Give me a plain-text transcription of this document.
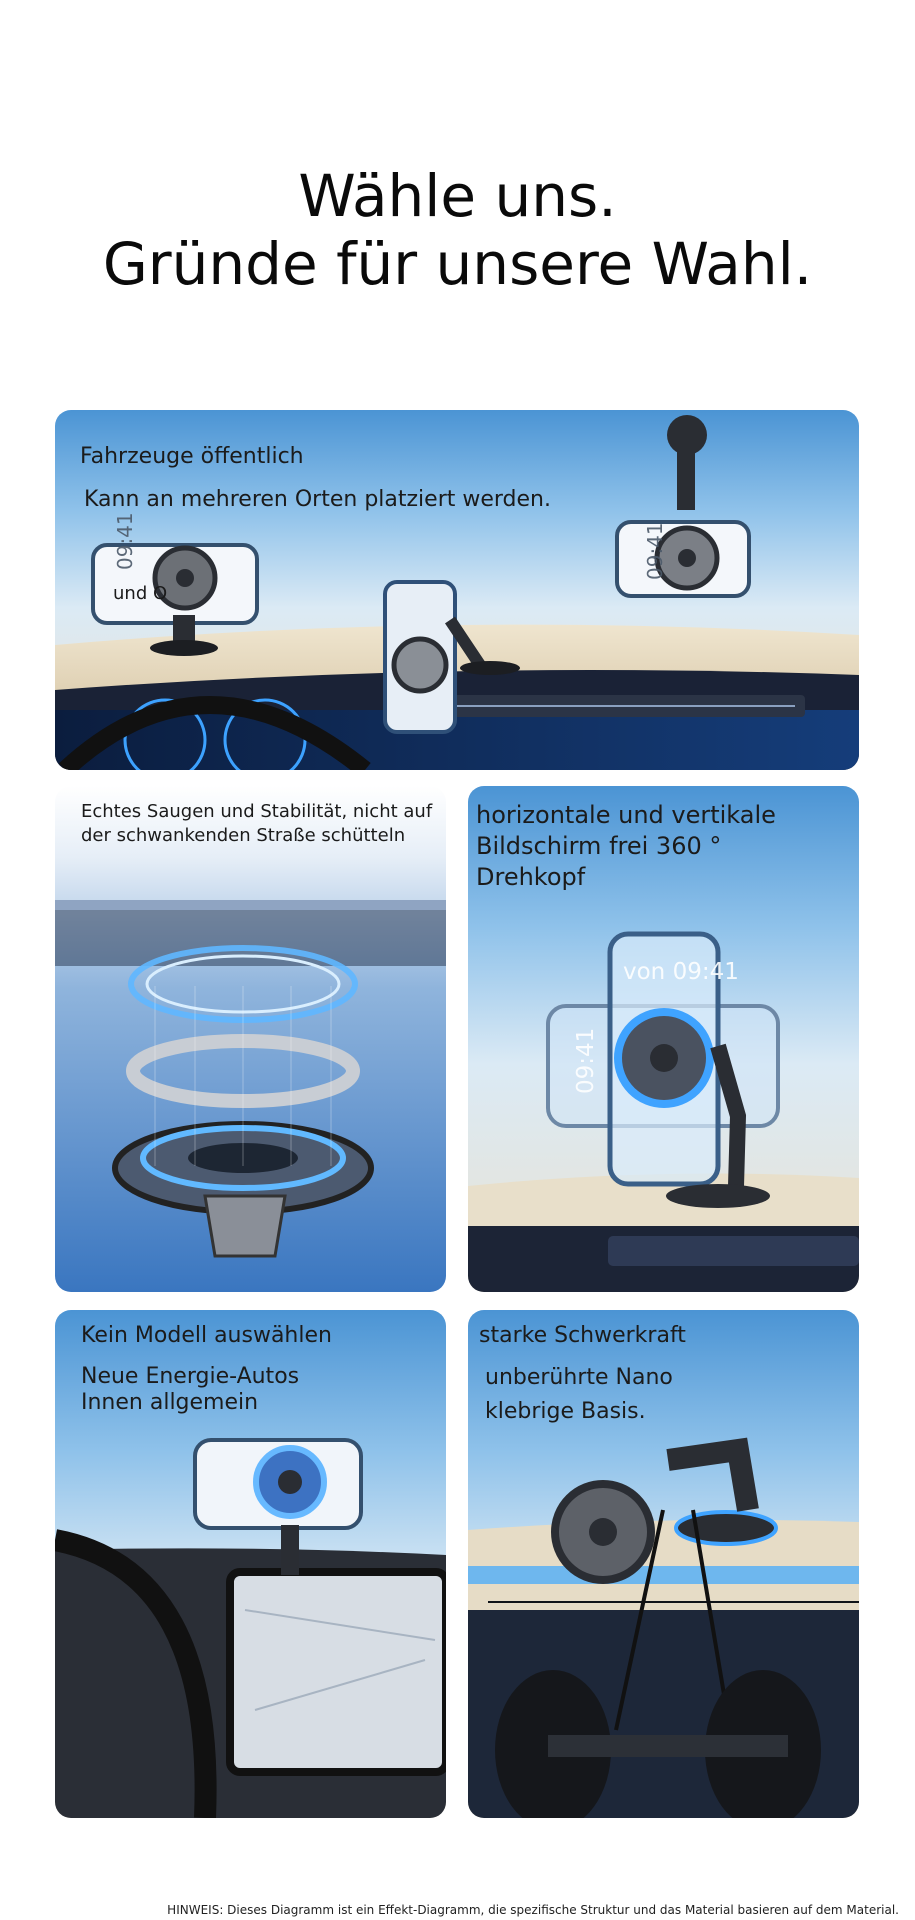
Wähle uns.
Gründe für unsere Wahl.
09:41	09:41
und O
Fahrzeuge öffentlich
Kann an mehreren Orten platziert werden.
Echtes Saugen und Stabilität, nicht auf
der schwankenden Straße schütteln
von 09:41
09:41
horizontale und vertikale
Bildschirm frei 360 °
Drehkopf
Kein Modell auswählen
Neue Energie-Autos
Innen allgemein
starke Schwerkraft
unberührte Nano
klebrige Basis.
HINWEIS: Dieses Diagramm ist ein Effekt-Diagramm, die spezifische Struktur und das Material basieren auf dem Material.
